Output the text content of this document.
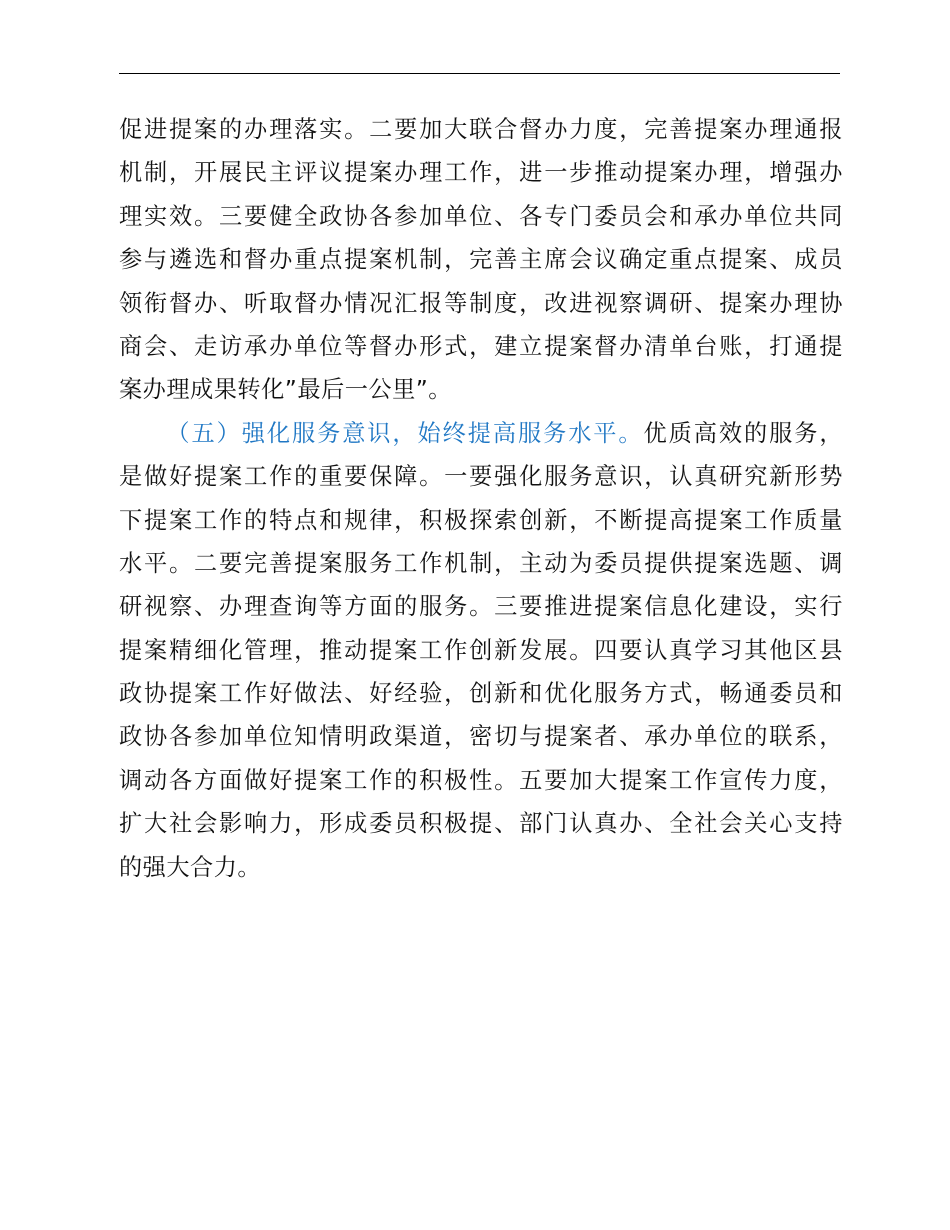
促进提案的办理落实。二要加大联合督办力度，完善提案办理通报
机制，开展民主评议提案办理工作，进一步推动提案办理，增强办
理实效。三要健全政协各参加单位、各专门委员会和承办单位共同
参与遴选和督办重点提案机制，完善主席会议确定重点提案、成员
领衔督办、听取督办情况汇报等制度，改进视察调研、提案办理协
商会、走访承办单位等督办形式，建立提案督办清单台账，打通提
案办理成果转化”最后一公里”。
（五）强化服务意识，始终提高服务水平。优质高效的服务，
是做好提案工作的重要保障。一要强化服务意识，认真研究新形势
下提案工作的特点和规律，积极探索创新，不断提高提案工作质量
水平。二要完善提案服务工作机制，主动为委员提供提案选题、调
研视察、办理查询等方面的服务。三要推进提案信息化建设，实行
提案精细化管理，推动提案工作创新发展。四要认真学习其他区县
政协提案工作好做法、好经验，创新和优化服务方式，畅通委员和
政协各参加单位知情明政渠道，密切与提案者、承办单位的联系，
调动各方面做好提案工作的积极性。五要加大提案工作宣传力度，
扩大社会影响力，形成委员积极提、部门认真办、全社会关心支持
的强大合力。
